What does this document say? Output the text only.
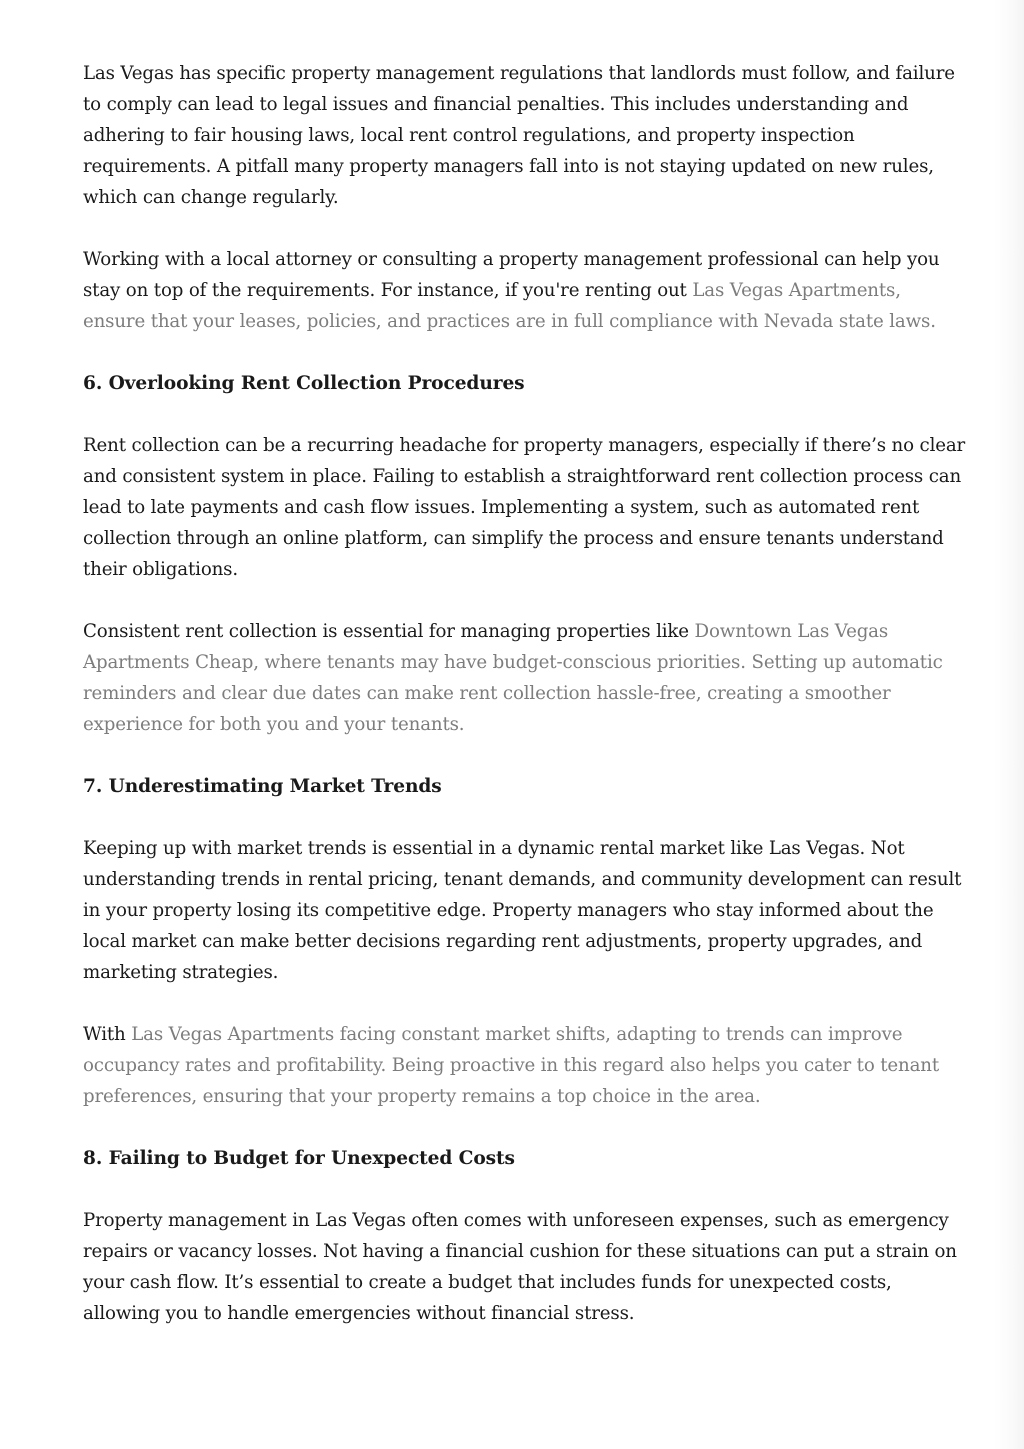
Las Vegas has specific property management regulations that landlords must follow, and failure to comply can lead to legal issues and financial penalties. This includes understanding and adhering to fair housing laws, local rent control regulations, and property inspection requirements. A pitfall many property managers fall into is not staying updated on new rules, which can change regularly.

Working with a local attorney or consulting a property management professional can help you stay on top of the requirements. For instance, if you're renting out Las Vegas Apartments, ensure that your leases, policies, and practices are in full compliance with Nevada state laws.

6. Overlooking Rent Collection Procedures

Rent collection can be a recurring headache for property managers, especially if there’s no clear and consistent system in place. Failing to establish a straightforward rent collection process can lead to late payments and cash flow issues. Implementing a system, such as automated rent collection through an online platform, can simplify the process and ensure tenants understand their obligations.

Consistent rent collection is essential for managing properties like Downtown Las Vegas Apartments Cheap, where tenants may have budget-conscious priorities. Setting up automatic reminders and clear due dates can make rent collection hassle-free, creating a smoother experience for both you and your tenants.

7. Underestimating Market Trends

Keeping up with market trends is essential in a dynamic rental market like Las Vegas. Not understanding trends in rental pricing, tenant demands, and community development can result in your property losing its competitive edge. Property managers who stay informed about the local market can make better decisions regarding rent adjustments, property upgrades, and marketing strategies.

With Las Vegas Apartments facing constant market shifts, adapting to trends can improve occupancy rates and profitability. Being proactive in this regard also helps you cater to tenant preferences, ensuring that your property remains a top choice in the area.

8. Failing to Budget for Unexpected Costs

Property management in Las Vegas often comes with unforeseen expenses, such as emergency repairs or vacancy losses. Not having a financial cushion for these situations can put a strain on your cash flow. It’s essential to create a budget that includes funds for unexpected costs, allowing you to handle emergencies without financial stress.
